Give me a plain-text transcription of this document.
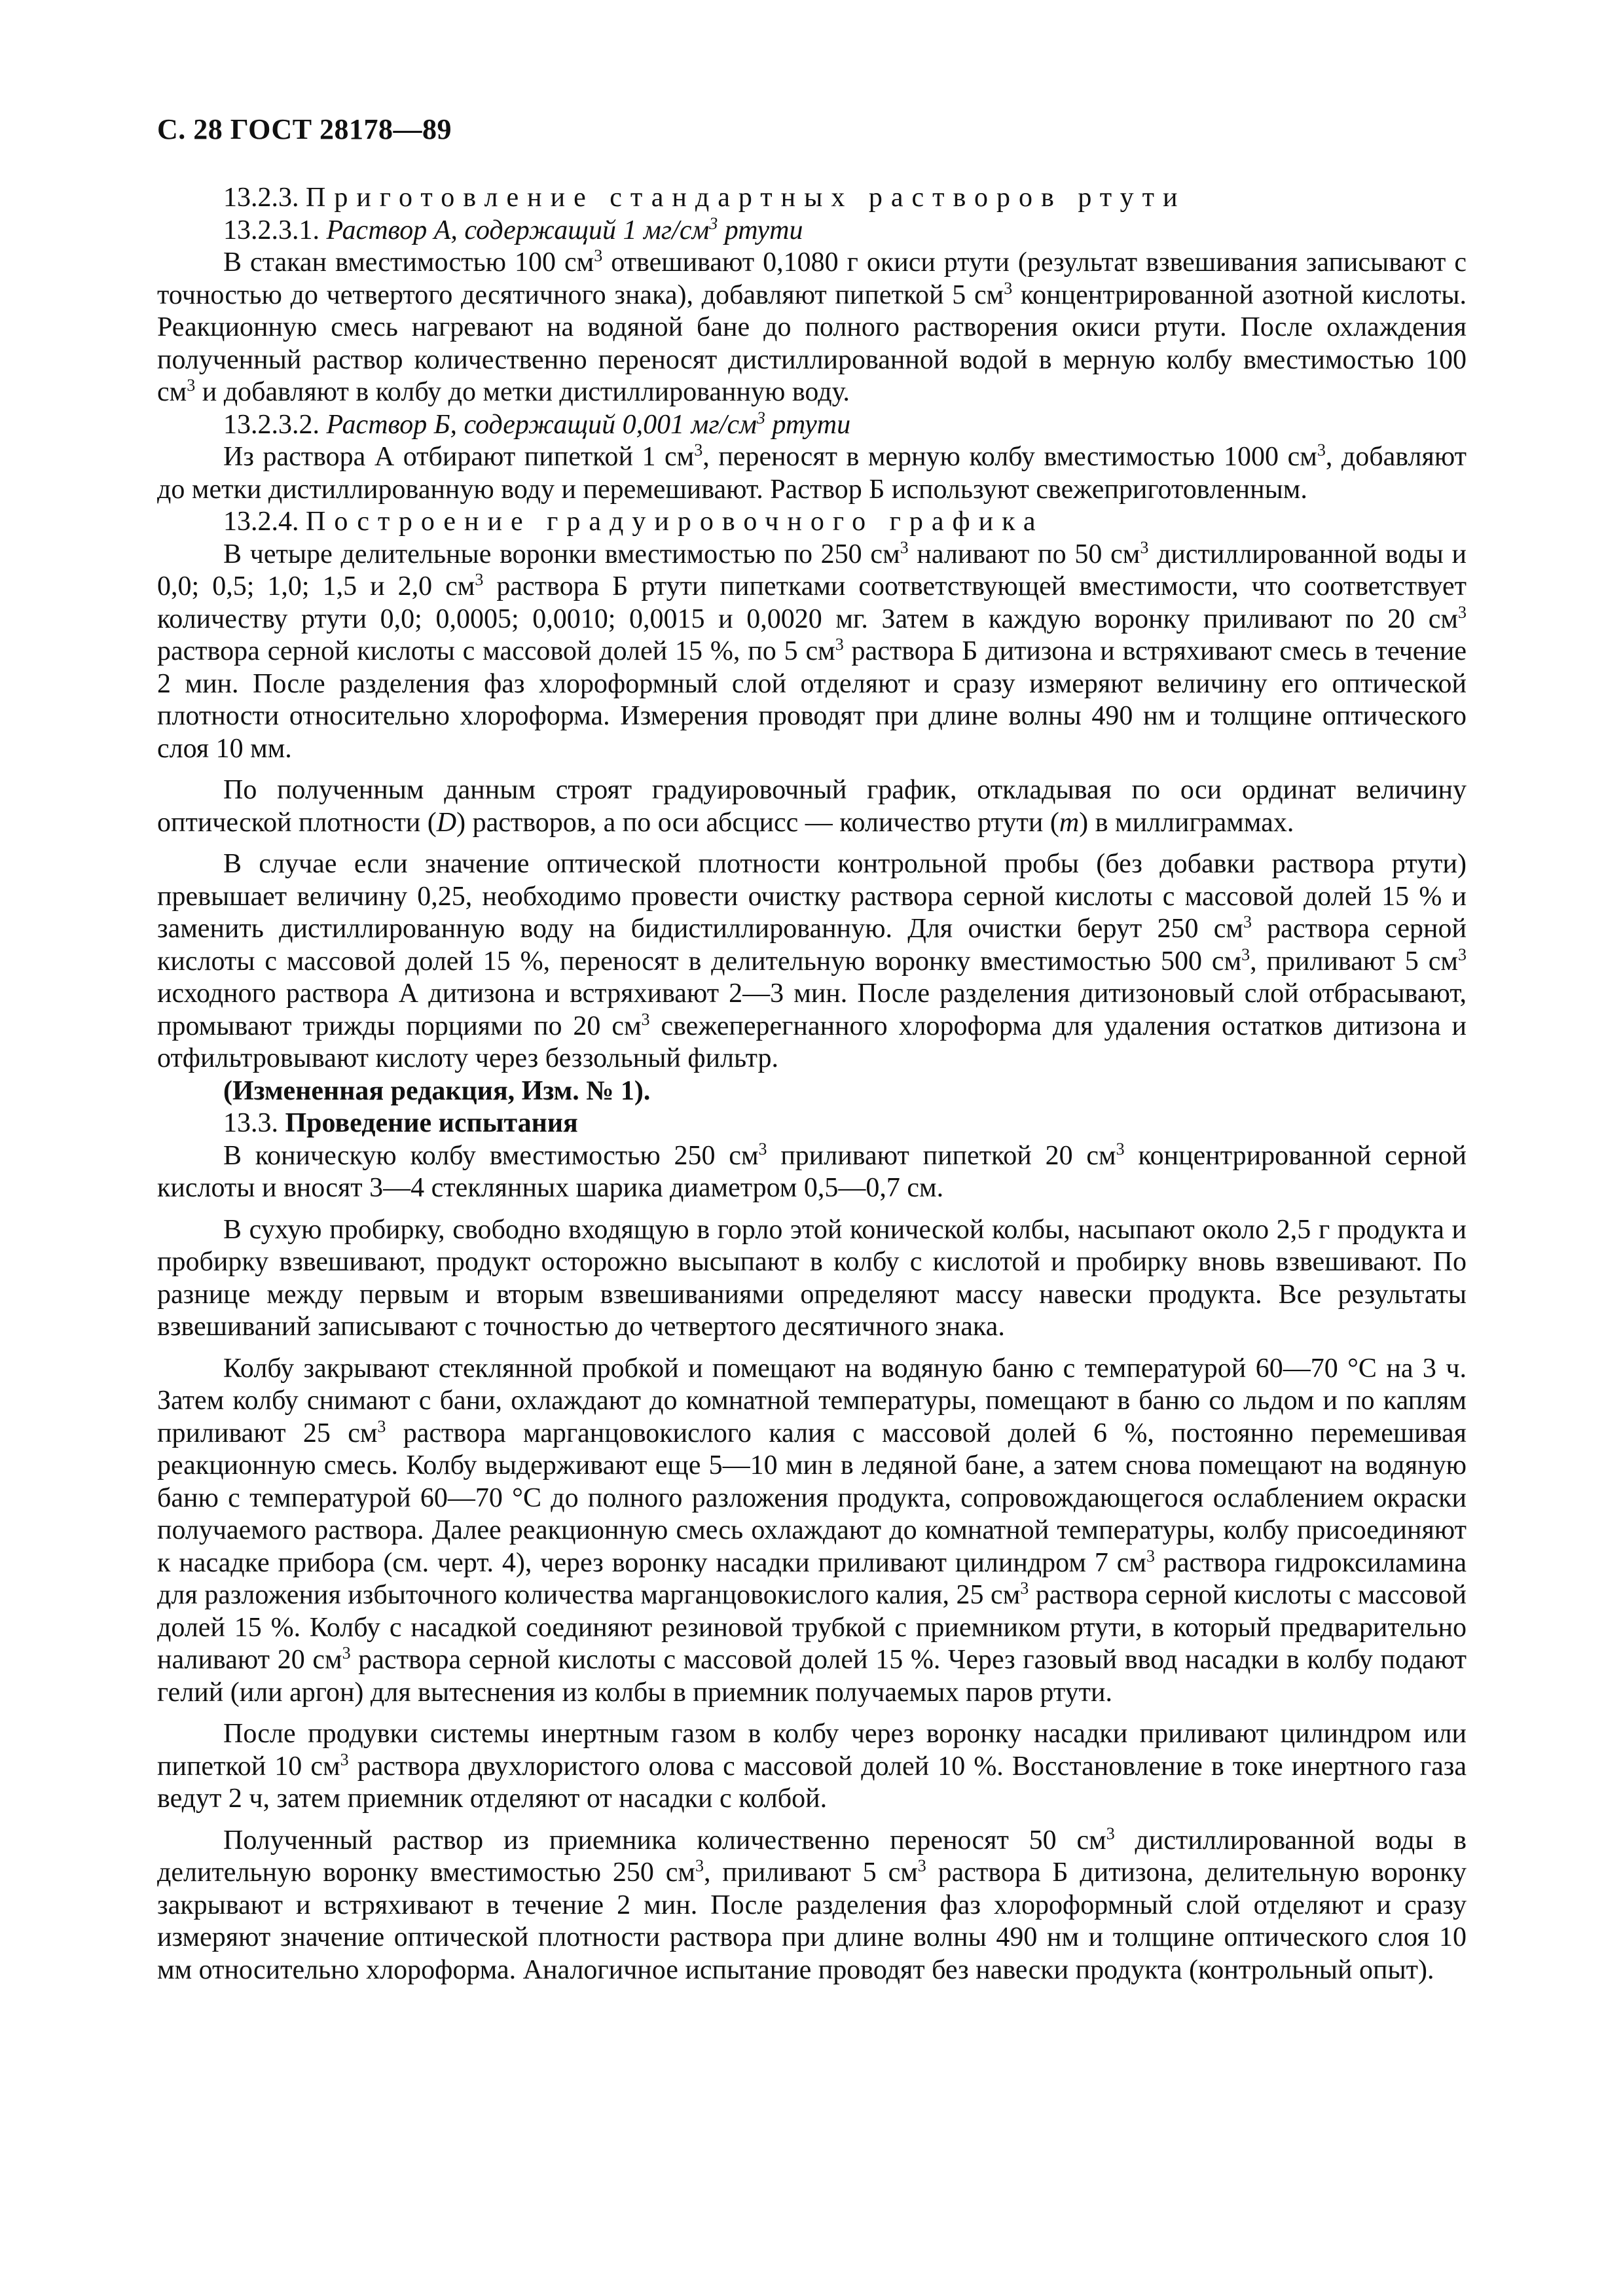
С. 28 ГОСТ 28178—89

13.2.3. Приготовление стандартных растворов ртути

13.2.3.1. Раствор А, содержащий 1 $мг/см^3$ ртути

В стакан вместимостью 100 $см^3$ отвешивают 0,1080 г окиси ртути (результат взвешивания записывают с точностью до четвертого десятичного знака), добавляют пипеткой 5 $см^3$ концентрированной азотной кислоты. Реакционную смесь нагревают на водяной бане до полного растворения окиси ртути. После охлаждения полученный раствор количественно переносят дистиллированной водой в мерную колбу вместимостью 100 $см^3$ и добавляют в колбу до метки дистиллированную воду.

13.2.3.2. Раствор Б, содержащий 0,001 $мг/см^3$ ртути

Из раствора А отбирают пипеткой 1 $см^3$, переносят в мерную колбу вместимостью 1000 $см^3$, добавляют до метки дистиллированную воду и перемешивают. Раствор Б используют свежеприготовленным.

13.2.4. Построение градуировочного графика

В четыре делительные воронки вместимостью по 250 $см^3$ наливают по 50 $см^3$ дистиллированной воды и 0,0; 0,5; 1,0; 1,5 и 2,0 $см^3$ раствора Б ртути пипетками соответствующей вместимости, что соответствует количеству ртути 0,0; 0,0005; 0,0010; 0,0015 и 0,0020 мг. Затем в каждую воронку приливают по 20 $см^3$ раствора серной кислоты с массовой долей 15 %, по 5 $см^3$ раствора Б дитизона и встряхивают смесь в течение 2 мин. После разделения фаз хлороформный слой отделяют и сразу измеряют величину его оптической плотности относительно хлороформа. Измерения проводят при длине волны 490 нм и толщине оптического слоя 10 мм.

По полученным данным строят градуировочный график, откладывая по оси ординат величину оптической плотности (D) растворов, а по оси абсцисс — количество ртути (m) в миллиграммах.

В случае если значение оптической плотности контрольной пробы (без добавки раствора ртути) превышает величину 0,25, необходимо провести очистку раствора серной кислоты с массовой долей 15 % и заменить дистиллированную воду на бидистиллированную. Для очистки берут 250 $см^3$ раствора серной кислоты с массовой долей 15 %, переносят в делительную воронку вместимостью 500 $см^3$, приливают 5 $см^3$ исходного раствора А дитизона и встряхивают 2—3 мин. После разделения дитизоновый слой отбрасывают, промывают трижды порциями по 20 $см^3$ свежеперегнанного хлороформа для удаления остатков дитизона и отфильтровывают кислоту через беззольный фильтр.

(Измененная редакция, Изм. № 1).

13.3. Проведение испытания

В коническую колбу вместимостью 250 $см^3$ приливают пипеткой 20 $см^3$ концентрированной серной кислоты и вносят 3—4 стеклянных шарика диаметром 0,5—0,7 см.

В сухую пробирку, свободно входящую в горло этой конической колбы, насыпают около 2,5 г продукта и пробирку взвешивают, продукт осторожно высыпают в колбу с кислотой и пробирку вновь взвешивают. По разнице между первым и вторым взвешиваниями определяют массу навески продукта. Все результаты взвешиваний записывают с точностью до четвертого десятичного знака.

Колбу закрывают стеклянной пробкой и помещают на водяную баню с температурой 60—70 °С на 3 ч. Затем колбу снимают с бани, охлаждают до комнатной температуры, помещают в баню со льдом и по каплям приливают 25 $см^3$ раствора марганцовокислого калия с массовой долей 6 %, постоянно перемешивая реакционную смесь. Колбу выдерживают еще 5—10 мин в ледяной бане, а затем снова помещают на водяную баню с температурой 60—70 °С до полного разложения продукта, сопровождающегося ослаблением окраски получаемого раствора. Далее реакционную смесь охлаждают до комнатной температуры, колбу присоединяют к насадке прибора (см. черт. 4), через воронку насадки приливают цилиндром 7 $см^3$ раствора гидроксиламина для разложения избыточного количества марганцовокислого калия, 25 $см^3$ раствора серной кислоты с массовой долей 15 %. Колбу с насадкой соединяют резиновой трубкой с приемником ртути, в который предварительно наливают 20 $см^3$ раствора серной кислоты с массовой долей 15 %. Через газовый ввод насадки в колбу подают гелий (или аргон) для вытеснения из колбы в приемник получаемых паров ртути.

После продувки системы инертным газом в колбу через воронку насадки приливают цилиндром или пипеткой 10 $см^3$ раствора двухлористого олова с массовой долей 10 %. Восстановление в токе инертного газа ведут 2 ч, затем приемник отделяют от насадки с колбой.

Полученный раствор из приемника количественно переносят 50 $см^3$ дистиллированной воды в делительную воронку вместимостью 250 $см^3$, приливают 5 $см^3$ раствора Б дитизона, делительную воронку закрывают и встряхивают в течение 2 мин. После разделения фаз хлороформный слой отделяют и сразу измеряют значение оптической плотности раствора при длине волны 490 нм и толщине оптического слоя 10 мм относительно хлороформа. Аналогичное испытание проводят без навески продукта (контрольный опыт).
